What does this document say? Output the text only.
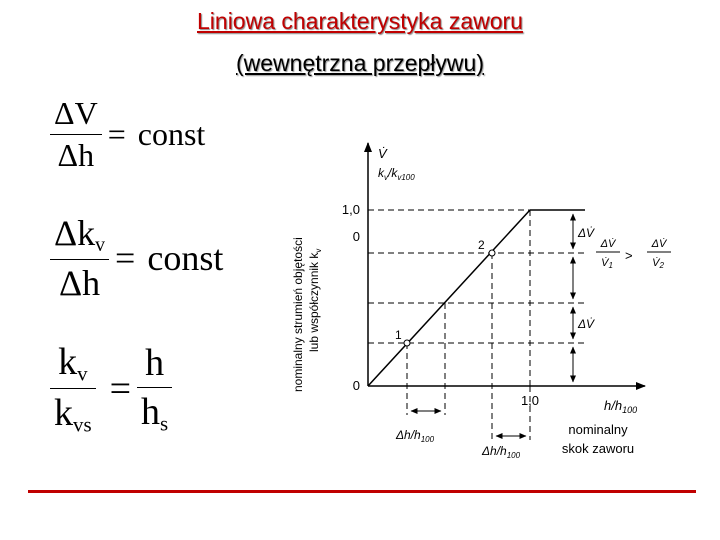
Liniowa charakterystyka zaworu
(wewnętrzna przepływu)
$\frac{\Delta V}{\Delta h}$ = const
$\frac{\Delta k_v}{\Delta h}$ = const
$\frac{k_v}{k_{vs}} = \frac{h}{h_s}$
1
2
nominalny strumień objętości lub współczynnik $k_v$
V̇
$k_v/k_{v100}$
1,0
0
0
1,0	$h/h_{100}$
nominalny
skok zaworu
$\Delta h/h_{100}$
$\Delta h/h_{100}$
ΔV̇
ΔV̇
ΔV̇
V̇1
>
ΔV̇
V̇2
